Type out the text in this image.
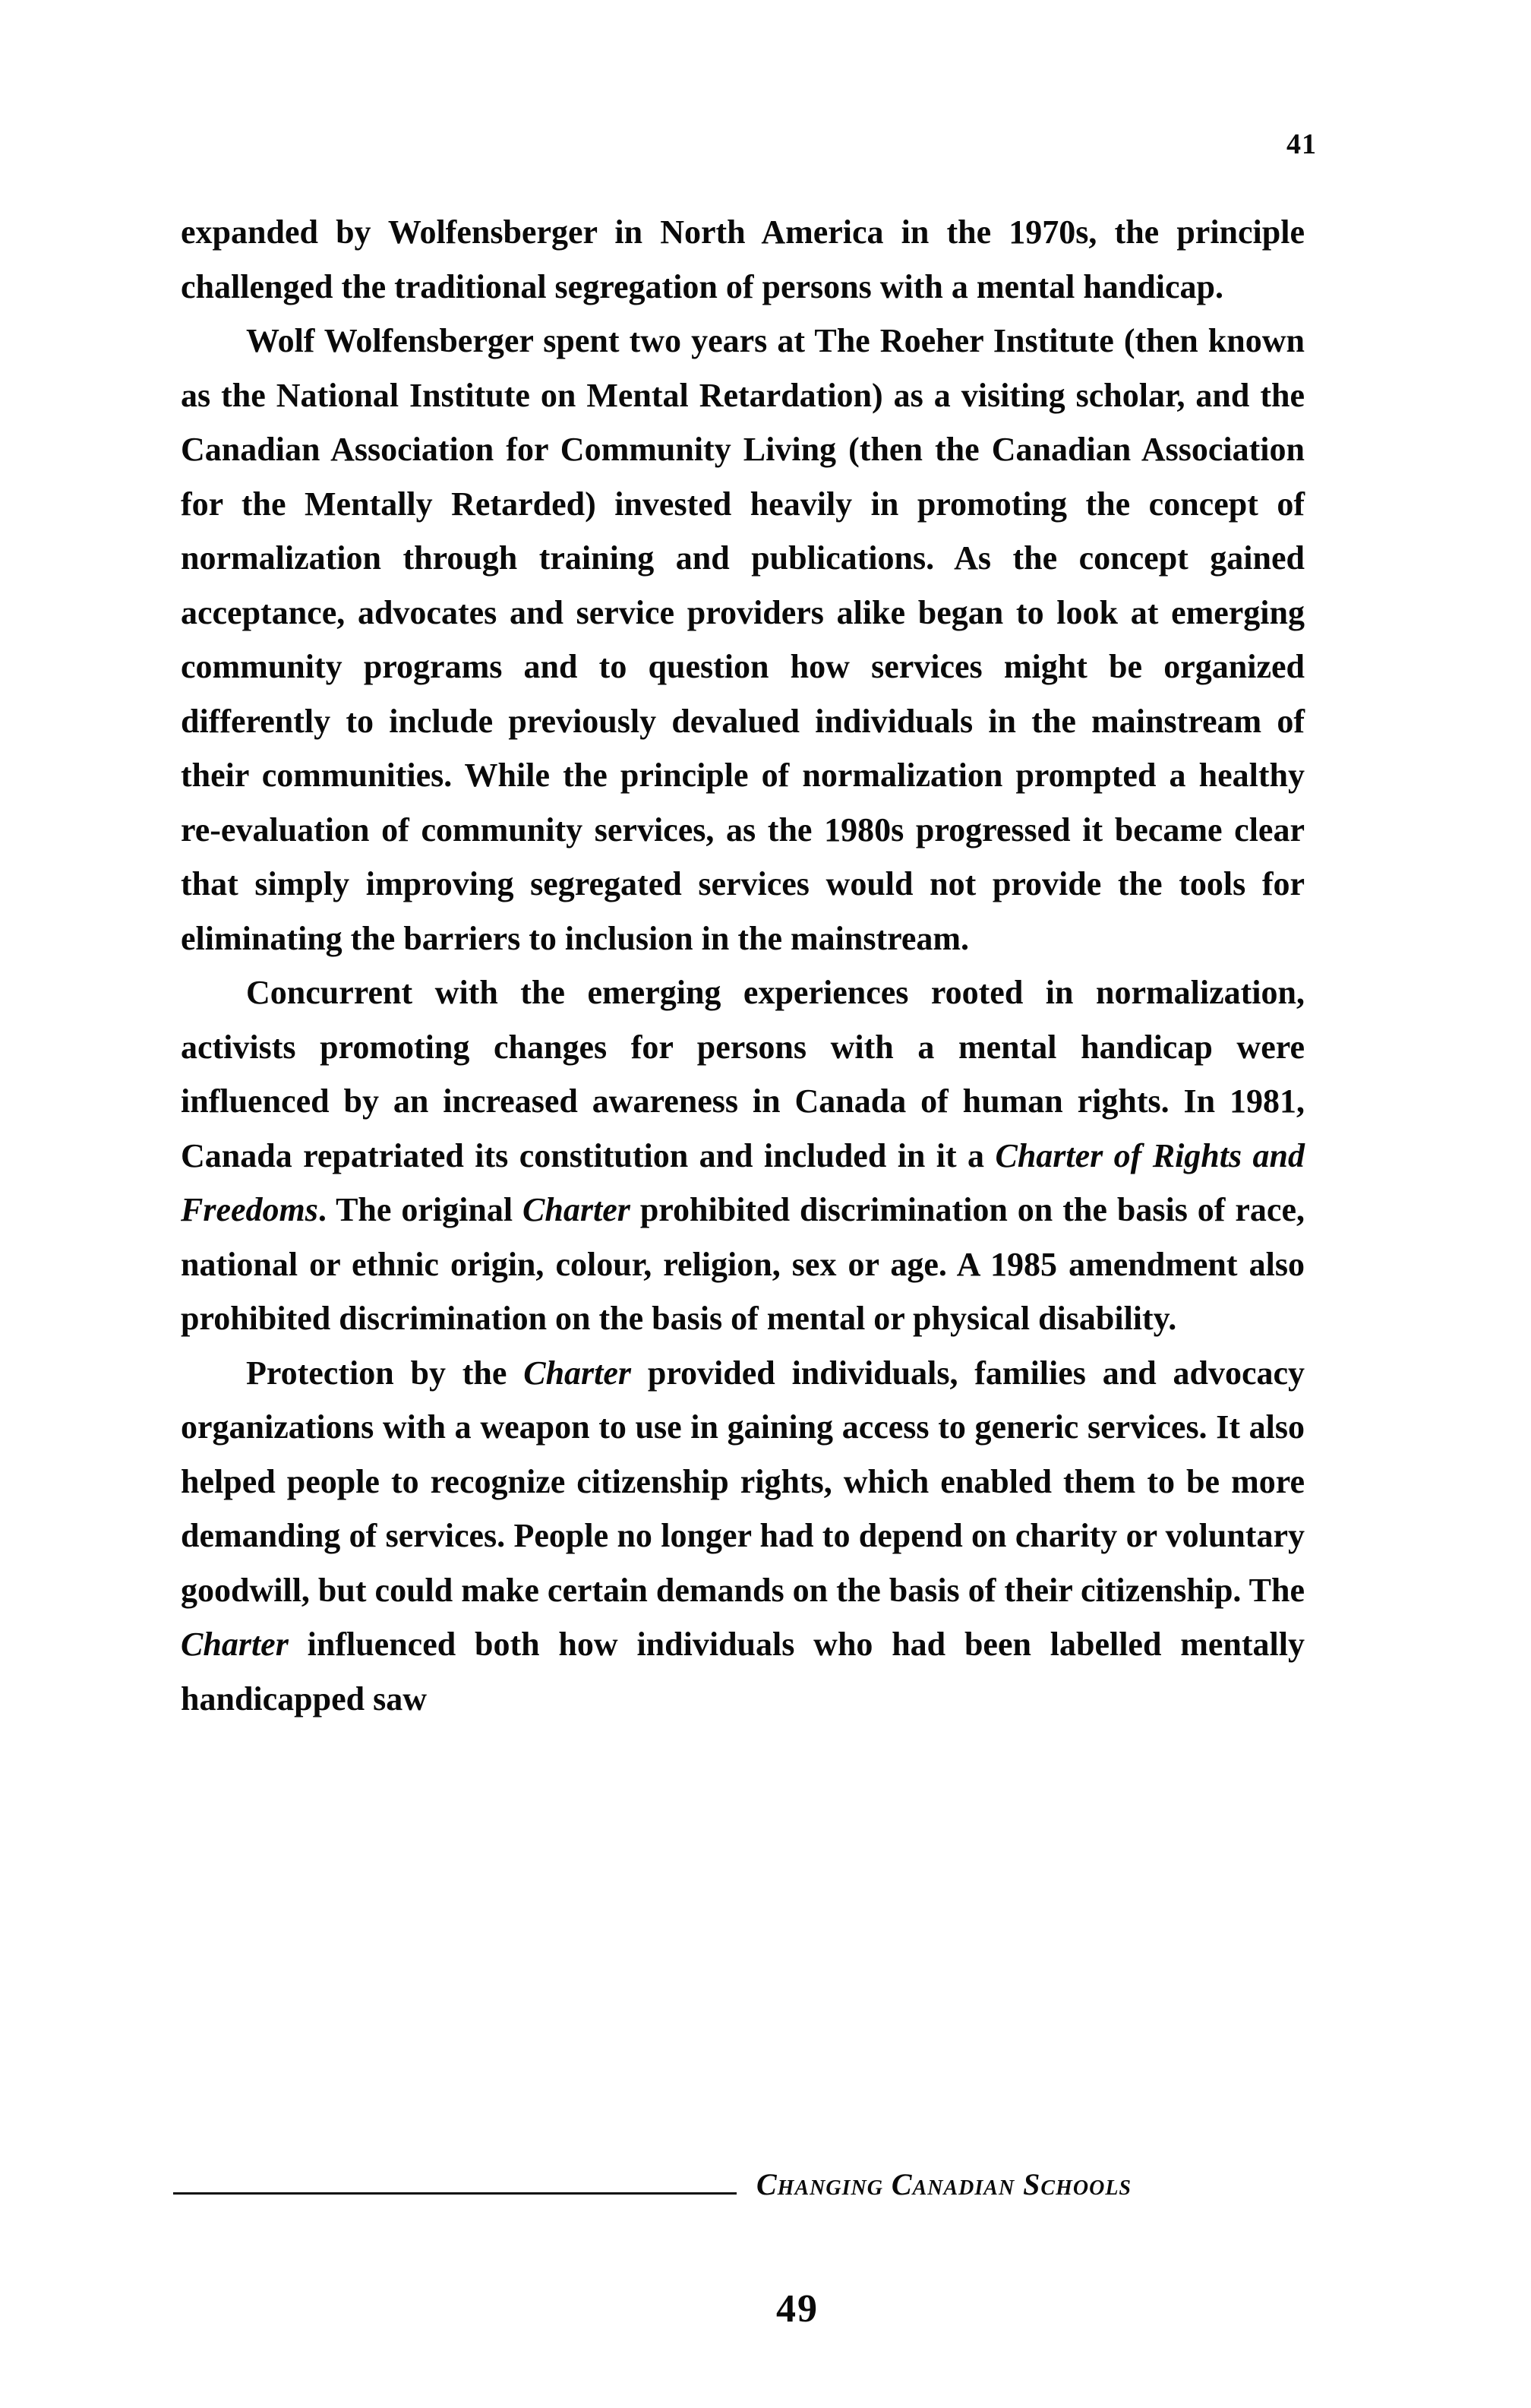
41

expanded by Wolfensberger in North America in the 1970s, the principle challenged the traditional segregation of persons with a mental handicap.

Wolf Wolfensberger spent two years at The Roeher Institute (then known as the National Institute on Mental Retardation) as a visiting scholar, and the Canadian Association for Community Living (then the Canadian Association for the Mentally Retarded) invested heavily in promoting the concept of normalization through training and publications. As the concept gained acceptance, advocates and service providers alike began to look at emerging community programs and to question how services might be organized differently to include previously devalued individuals in the mainstream of their communities. While the principle of normalization prompted a healthy re-evaluation of community services, as the 1980s progressed it became clear that simply improving segregated services would not provide the tools for eliminating the barriers to inclusion in the mainstream.

Concurrent with the emerging experiences rooted in normalization, activists promoting changes for persons with a mental handicap were influenced by an increased awareness in Canada of human rights. In 1981, Canada repatriated its constitution and included in it a Charter of Rights and Freedoms. The original Charter prohibited discrimination on the basis of race, national or ethnic origin, colour, religion, sex or age. A 1985 amendment also prohibited discrimination on the basis of mental or physical disability.

Protection by the Charter provided individuals, families and advocacy organizations with a weapon to use in gaining access to generic services. It also helped people to recognize citizenship rights, which enabled them to be more demanding of services. People no longer had to depend on charity or voluntary goodwill, but could make certain demands on the basis of their citizenship. The Charter influenced both how individuals who had been labelled mentally handicapped saw

Changing Canadian Schools
49
